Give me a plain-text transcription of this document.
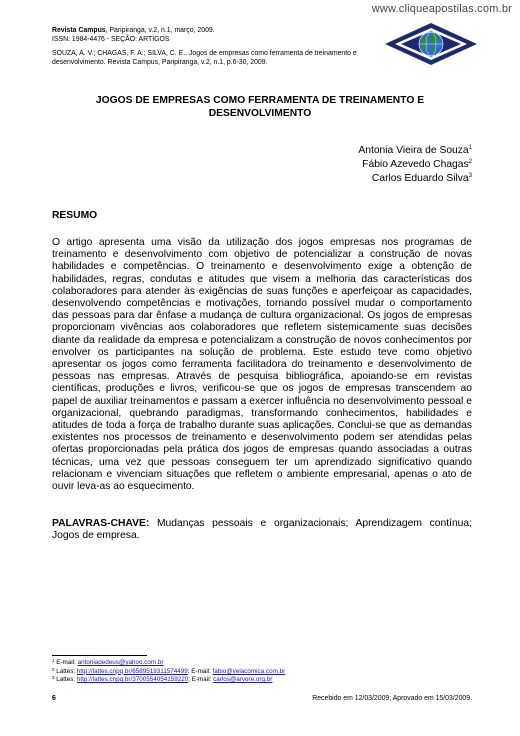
www.cliqueapostilas.com.br
Revista Campus, Paripiranga, v.2, n.1, março, 2009.
ISSN: 1984-4476 - SEÇÃO: ARTIGOS
SOUZA, A. V.; CHAGAS, F. A.; SILVA, C. E.. Jogos de empresas como ferramenta de treinamento e
desenvolvimento. Revista Campus, Paripiranga, v.2, n.1, p.6-30, 2009.
JOGOS DE EMPRESAS COMO FERRAMENTA DE TREINAMENTO E DESENVOLVIMENTO
Antonia Vieira de Souza$^1$
Fábio Azevedo Chagas$^2$
Carlos Eduardo Silva$^3$
RESUMO

O artigo apresenta uma visão da utilização dos jogos empresas nos programas de treinamento e desenvolvimento com objetivo de potencializar a construção de novas habilidades e competências. O treinamento e desenvolvimento exige a obtenção de habilidades, regras, condutas e atitudes que visem a melhoria das características dos colaboradores para atender às exigências de suas funções e aperfeiçoar as capacidades, desenvolvendo competências e motivações, tornando possível mudar o comportamento das pessoas para dar ênfase a mudança de cultura organizacional. Os jogos de empresas proporcionam vivências aos colaboradores que refletem sistemicamente suas decisões diante da realidade da empresa e potencializam a construção de novos conhecimentos por envolver os participantes na solução de problema. Este estudo teve como objetivo apresentar os jogos como ferramenta facilitadora do treinamento e desenvolvimento de pessoas nas empresas. Através de pesquisa bibliográfica, apoiando-se em revistas científicas, produções e livros, verificou-se que os jogos de empresas transcendem ao papel de auxiliar treinamentos e passam a exercer influência no desenvolvimento pessoal e organizacional, quebrando paradigmas, transformando conhecimentos, habilidades e atitudes de toda a força de trabalho durante suas aplicações. Conclui-se que as demandas existentes nos processos de treinamento e desenvolvimento podem ser atendidas pelas ofertas proporcionadas pela prática dos jogos de empresas quando associadas a outras técnicas, uma vez que pessoas conseguem ter um aprendizado significativo quando relacionam e vivenciam situações que refletem o ambiente empresarial, apenas o ato de ouvir leva-as ao esquecimento.

PALAVRAS-CHAVE: Mudanças pessoais e organizacionais; Aprendizagem contínua; Jogos de empresa.

$^1$ E-mail: antoniadedeus@yahoo.com.br
$^2$ Lattes: http://lattes.cnpq.br/6589519311574499; E-mail: fabio@velacomica.com.br
$^3$ Lattes: http://lattes.cnpq.br/3700554054159220; E-mail: carlos@arvore.org.br
6	Recebido em 12/03/2009; Aprovado em 15/03/2009.
